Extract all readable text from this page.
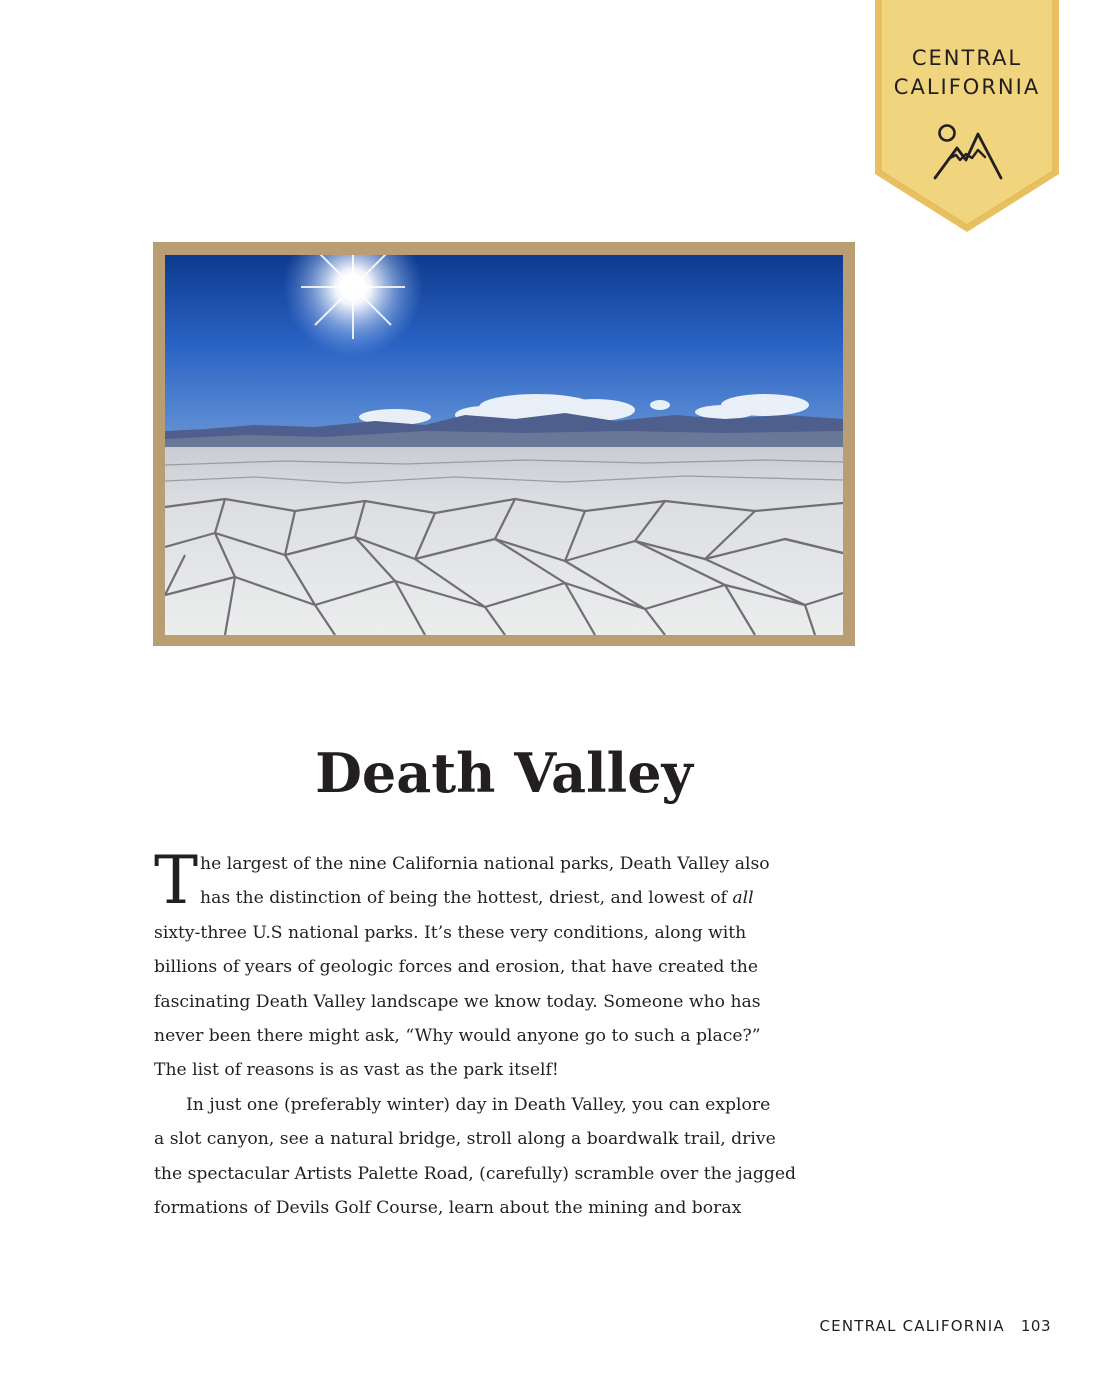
CENTRAL
CALIFORNIA
Death Valley
T he largest of the nine California national parks, Death Valley also
has the distinction of being the hottest, driest, and lowest of all
sixty-three U.S national parks. It’s these very conditions, along with
billions of years of geologic forces and erosion, that have created the
fascinating Death Valley landscape we know today. Someone who has
never been there might ask, “Why would anyone go to such a place?”
The list of reasons is as vast as the park itself!
In just one (preferably winter) day in Death Valley, you can explore
a slot canyon, see a natural bridge, stroll along a boardwalk trail, drive
the spectacular Artists Palette Road, (carefully) scramble over the jagged
formations of Devils Golf Course, learn about the mining and borax
CENTRAL CALIFORNIA 103
